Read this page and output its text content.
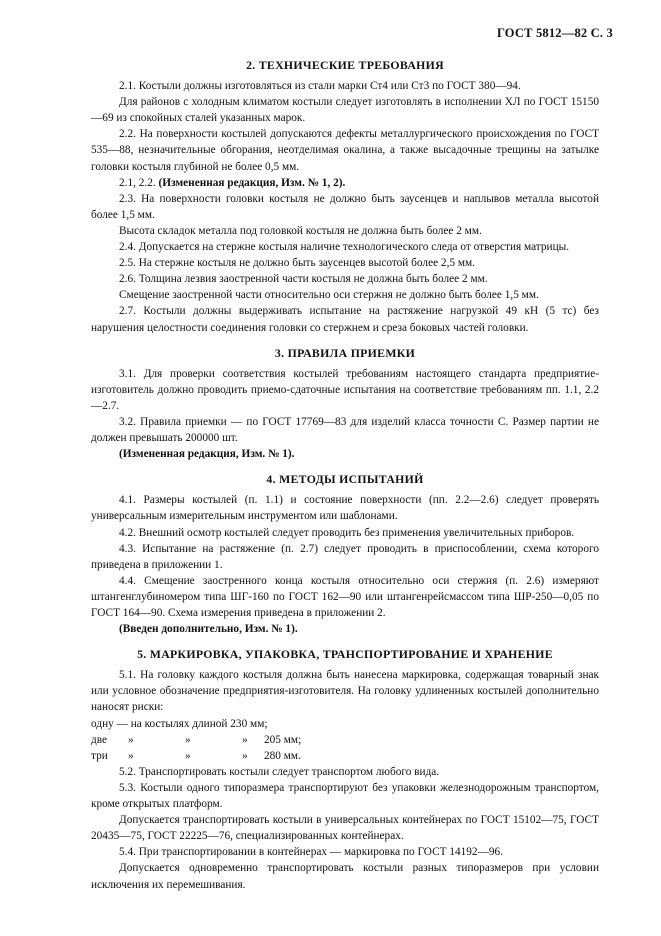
ГОСТ 5812—82 С. 3
2. ТЕХНИЧЕСКИЕ ТРЕБОВАНИЯ

2.1. Костыли должны изготовляться из стали марки Ст4 или Ст3 по ГОСТ 380—94.

Для районов с холодным климатом костыли следует изготовлять в исполнении ХЛ по ГОСТ 15150—69 из спокойных сталей указанных марок.

2.2. На поверхности костылей допускаются дефекты металлургического происхождения по ГОСТ 535—88, незначительные обгорания, неотделимая окалина, а также высадочные трещины на затылке головки костыля глубиной не более 0,5 мм.

2.1, 2.2. (Измененная редакция, Изм. № 1, 2).

2.3. На поверхности головки костыля не должно быть заусенцев и наплывов металла высотой более 1,5 мм.

Высота складок металла под головкой костыля не должна быть более 2 мм.

2.4. Допускается на стержне костыля наличие технологического следа от отверстия матрицы.

2.5. На стержне костыля не должно быть заусенцев высотой более 2,5 мм.

2.6. Толщина лезвия заостренной части костыля не должна быть более 2 мм.

Смещение заостренной части относительно оси стержня не должно быть более 1,5 мм.

2.7. Костыли должны выдерживать испытание на растяжение нагрузкой 49 кН (5 тс) без нарушения целостности соединения головки со стержнем и среза боковых частей головки.

3. ПРАВИЛА ПРИЕМКИ

3.1. Для проверки соответствия костылей требованиям настоящего стандарта предприятие-изготовитель должно проводить приемо-сдаточные испытания на соответствие требованиям пп. 1.1, 2.2—2.7.

3.2. Правила приемки — по ГОСТ 17769—83 для изделий класса точности С. Размер партии не должен превышать 200000 шт.

(Измененная редакция, Изм. № 1).

4. МЕТОДЫ ИСПЫТАНИЙ

4.1. Размеры костылей (п. 1.1) и состояние поверхности (пп. 2.2—2.6) следует проверять универсальным измерительным инструментом или шаблонами.

4.2. Внешний осмотр костылей следует проводить без применения увеличительных приборов.

4.3. Испытание на растяжение (п. 2.7) следует проводить в приспособлении, схема которого приведена в приложении 1.

4.4. Смещение заостренного конца костыля относительно оси стержня (п. 2.6) измеряют штангенглубиномером типа ШГ-160 по ГОСТ 162—90 или штангенрейсмассом типа ШР-250—0,05 по ГОСТ 164—90. Схема измерения приведена в приложении 2.

(Введен дополнительно, Изм. № 1).

5. МАРКИРОВКА, УПАКОВКА, ТРАНСПОРТИРОВАНИЕ И ХРАНЕНИЕ

5.1. На головку каждого костыля должна быть нанесена маркировка, содержащая товарный знак или условное обозначение предприятия-изготовителя. На головку удлиненных костылей дополнительно наносят риски:

одну — на костылях длиной 230 мм;
две	»	»	»	205 мм;
три	»	»	»	280 мм.

5.2. Транспортировать костыли следует транспортом любого вида.

5.3. Костыли одного типоразмера транспортируют без упаковки железнодорожным транспортом, кроме открытых платформ.

Допускается транспортировать костыли в универсальных контейнерах по ГОСТ 15102—75, ГОСТ 20435—75, ГОСТ 22225—76, специализированных контейнерах.

5.4. При транспортировании в контейнерах — маркировка по ГОСТ 14192—96.

Допускается одновременно транспортировать костыли разных типоразмеров при условии исключения их перемешивания.
